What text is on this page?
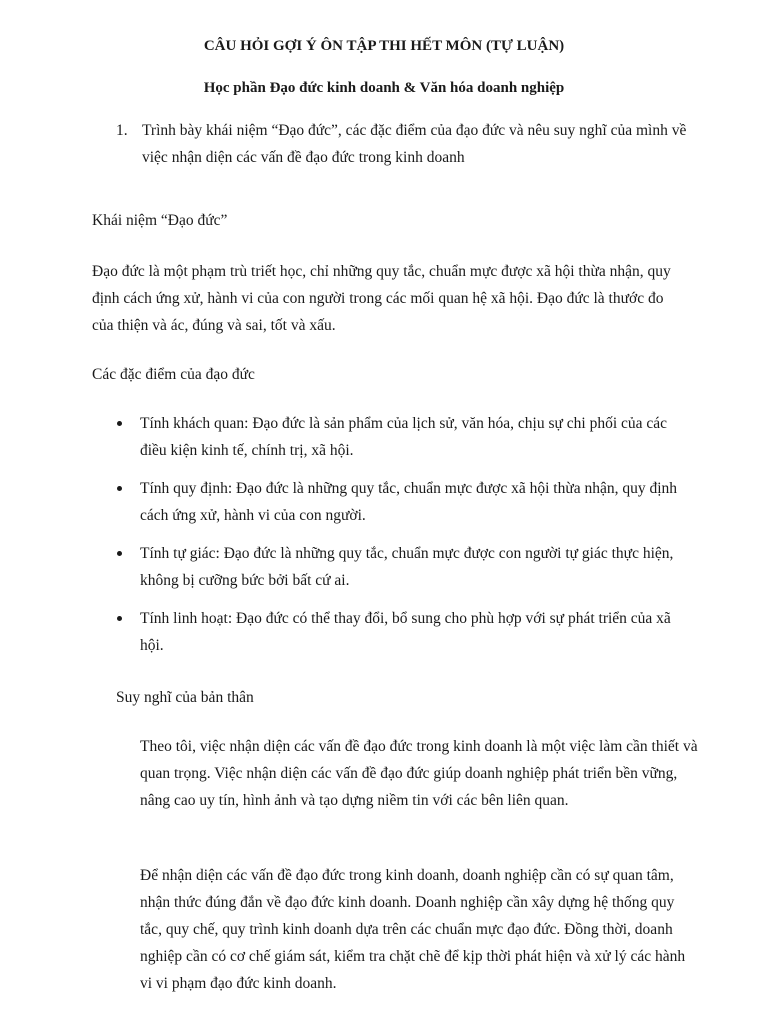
CÂU HỎI GỢI Ý ÔN TẬP THI HẾT MÔN (TỰ LUẬN)
Học phần Đạo đức kinh doanh & Văn hóa doanh nghiệp
1. Trình bày khái niệm “Đạo đức”, các đặc điểm của đạo đức và nêu suy nghĩ của mình về việc nhận diện các vấn đề đạo đức trong kinh doanh
Khái niệm “Đạo đức”
Đạo đức là một phạm trù triết học, chỉ những quy tắc, chuẩn mực được xã hội thừa nhận, quy định cách ứng xử, hành vi của con người trong các mối quan hệ xã hội. Đạo đức là thước đo của thiện và ác, đúng và sai, tốt và xấu.
Các đặc điểm của đạo đức
Tính khách quan: Đạo đức là sản phẩm của lịch sử, văn hóa, chịu sự chi phối của các điều kiện kinh tế, chính trị, xã hội.
Tính quy định: Đạo đức là những quy tắc, chuẩn mực được xã hội thừa nhận, quy định cách ứng xử, hành vi của con người.
Tính tự giác: Đạo đức là những quy tắc, chuẩn mực được con người tự giác thực hiện, không bị cưỡng bức bởi bất cứ ai.
Tính linh hoạt: Đạo đức có thể thay đổi, bổ sung cho phù hợp với sự phát triển của xã hội.
Suy nghĩ của bản thân
Theo tôi, việc nhận diện các vấn đề đạo đức trong kinh doanh là một việc làm cần thiết và quan trọng. Việc nhận diện các vấn đề đạo đức giúp doanh nghiệp phát triển bền vững, nâng cao uy tín, hình ảnh và tạo dựng niềm tin với các bên liên quan.
Để nhận diện các vấn đề đạo đức trong kinh doanh, doanh nghiệp cần có sự quan tâm, nhận thức đúng đắn về đạo đức kinh doanh. Doanh nghiệp cần xây dựng hệ thống quy tắc, quy chế, quy trình kinh doanh dựa trên các chuẩn mực đạo đức. Đồng thời, doanh nghiệp cần có cơ chế giám sát, kiểm tra chặt chẽ để kịp thời phát hiện và xử lý các hành vi vi phạm đạo đức kinh doanh.
